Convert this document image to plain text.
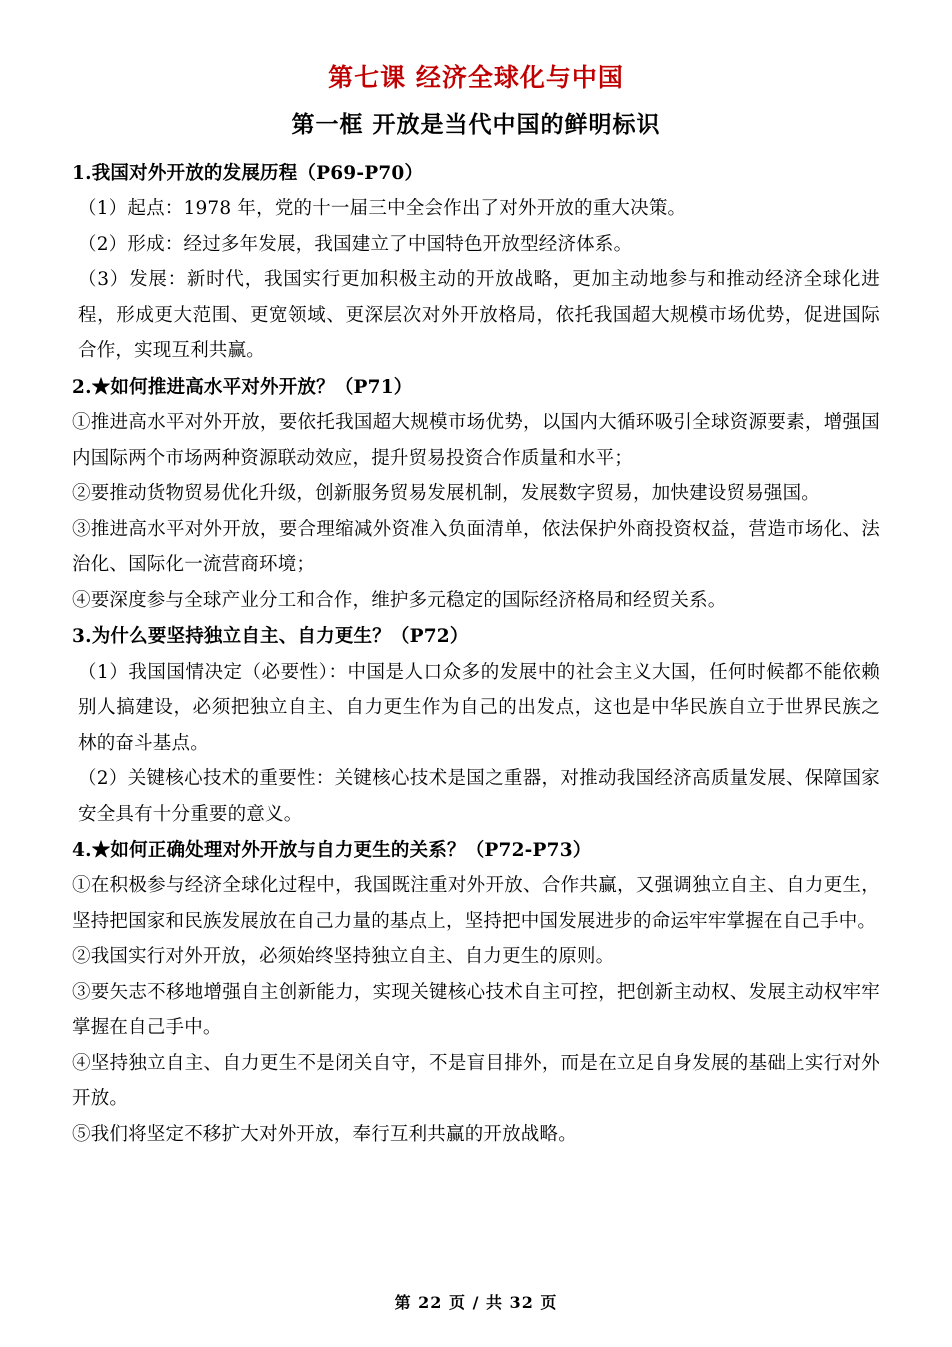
第七课 经济全球化与中国
第一框 开放是当代中国的鲜明标识

1.我国对外开放的发展历程（P69-P70）

（1）起点：1978 年，党的十一届三中全会作出了对外开放的重大决策。

（2）形成：经过多年发展，我国建立了中国特色开放型经济体系。

（3）发展：新时代，我国实行更加积极主动的开放战略，更加主动地参与和推动经济全球化进程，形成更大范围、更宽领域、更深层次对外开放格局，依托我国超大规模市场优势，促进国际合作，实现互利共赢。

2.★如何推进高水平对外开放？（P71）

①推进高水平对外开放，要依托我国超大规模市场优势，以国内大循环吸引全球资源要素，增强国内国际两个市场两种资源联动效应，提升贸易投资合作质量和水平；

②要推动货物贸易优化升级，创新服务贸易发展机制，发展数字贸易，加快建设贸易强国。

③推进高水平对外开放，要合理缩减外资准入负面清单，依法保护外商投资权益，营造市场化、法治化、国际化一流营商环境；

④要深度参与全球产业分工和合作，维护多元稳定的国际经济格局和经贸关系。

3.为什么要坚持独立自主、自力更生？（P72）

（1）我国国情决定（必要性）：中国是人口众多的发展中的社会主义大国，任何时候都不能依赖别人搞建设，必须把独立自主、自力更生作为自己的出发点，这也是中华民族自立于世界民族之林的奋斗基点。

（2）关键核心技术的重要性：关键核心技术是国之重器，对推动我国经济高质量发展、保障国家安全具有十分重要的意义。

4.★如何正确处理对外开放与自力更生的关系？（P72-P73）

①在积极参与经济全球化过程中，我国既注重对外开放、合作共赢，又强调独立自主、自力更生，坚持把国家和民族发展放在自己力量的基点上，坚持把中国发展进步的命运牢牢掌握在自己手中。

②我国实行对外开放，必须始终坚持独立自主、自力更生的原则。

③要矢志不移地增强自主创新能力，实现关键核心技术自主可控，把创新主动权、发展主动权牢牢掌握在自己手中。

④坚持独立自主、自力更生不是闭关自守，不是盲目排外，而是在立足自身发展的基础上实行对外开放。

⑤我们将坚定不移扩大对外开放，奉行互利共赢的开放战略。

第 22 页 / 共 32 页
